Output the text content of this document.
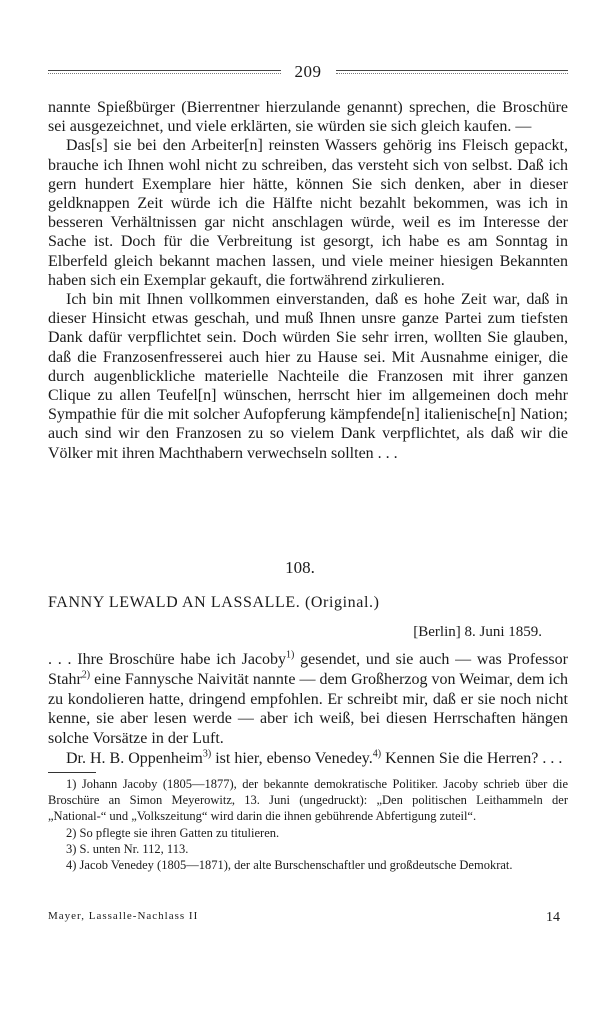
209

nannte Spießbürger (Bierrentner hierzulande genannt) sprechen, die Broschüre sei ausgezeichnet, und viele erklärten, sie würden sie sich gleich kaufen. —

Das[s] sie bei den Arbeiter[n] reinsten Wassers gehörig ins Fleisch gepackt, brauche ich Ihnen wohl nicht zu schreiben, das versteht sich von selbst. Daß ich gern hundert Exemplare hier hätte, können Sie sich denken, aber in dieser geldknappen Zeit würde ich die Hälfte nicht bezahlt bekommen, was ich in besseren Verhältnissen gar nicht anschlagen würde, weil es im Interesse der Sache ist. Doch für die Verbreitung ist gesorgt, ich habe es am Sonntag in Elberfeld gleich bekannt machen lassen, und viele meiner hiesigen Bekannten haben sich ein Exemplar gekauft, die fortwährend zirkulieren.

Ich bin mit Ihnen vollkommen einverstanden, daß es hohe Zeit war, daß in dieser Hinsicht etwas geschah, und muß Ihnen unsre ganze Partei zum tiefsten Dank dafür verpflichtet sein. Doch würden Sie sehr irren, wollten Sie glauben, daß die Franzosenfresserei auch hier zu Hause sei. Mit Ausnahme einiger, die durch augenblickliche materielle Nachteile die Franzosen mit ihrer ganzen Clique zu allen Teufel[n] wünschen, herrscht hier im allgemeinen doch mehr Sympathie für die mit solcher Aufopferung kämpfende[n] italienische[n] Nation; auch sind wir den Franzosen zu so vielem Dank verpflichtet, als daß wir die Völker mit ihren Machthabern verwechseln sollten . . .

108.
FANNY LEWALD AN LASSALLE. (Original.)
[Berlin] 8. Juni 1859.

. . . Ihre Broschüre habe ich Jacoby$^{1)}$ gesendet, und sie auch — was Professor Stahr$^{2)}$ eine Fannysche Naivität nannte — dem Großherzog von Weimar, dem ich zu kondolieren hatte, dringend empfohlen. Er schreibt mir, daß er sie noch nicht kenne, sie aber lesen werde — aber ich weiß, bei diesen Herrschaften hängen solche Vorsätze in der Luft.

Dr. H. B. Oppenheim$^{3)}$ ist hier, ebenso Venedey.$^{4)}$ Kennen Sie die Herren? . . .

1) Johann Jacoby (1805—1877), der bekannte demokratische Politiker. Jacoby schrieb über die Broschüre an Simon Meyerowitz, 13. Juni (ungedruckt): „Den politischen Leithammeln der „National-“ und „Volkszeitung“ wird darin die ihnen gebührende Abfertigung zuteil“.

2) So pflegte sie ihren Gatten zu titulieren.

3) S. unten Nr. 112, 113.

4) Jacob Venedey (1805—1871), der alte Burschenschaftler und großdeutsche Demokrat.

Mayer, Lassalle-Nachlass II	14
